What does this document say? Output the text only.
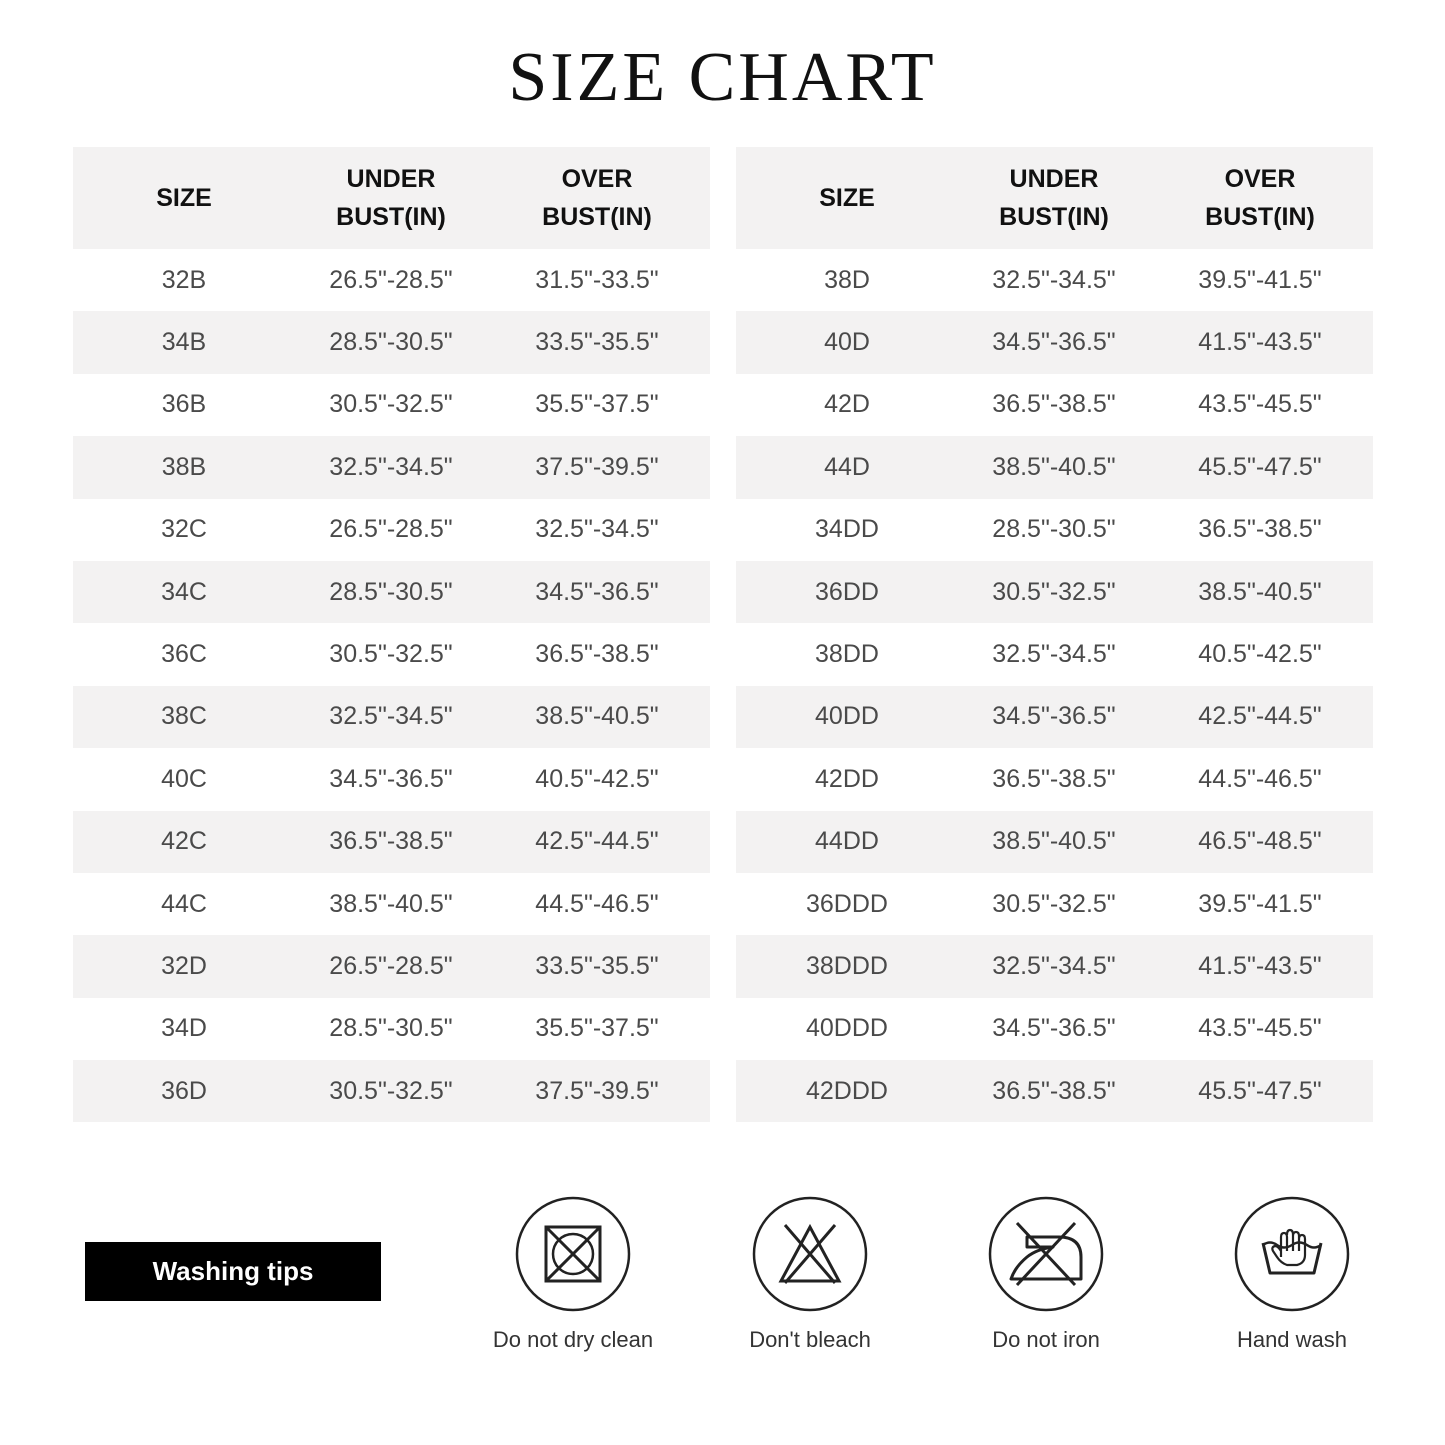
SIZE CHART
SIZE
UNDER
BUST(IN)
OVER
BUST(IN)
32B	26.5"-28.5"	31.5"-33.5"
34B	28.5"-30.5"	33.5"-35.5"
36B	30.5"-32.5"	35.5"-37.5"
38B	32.5"-34.5"	37.5"-39.5"
32C	26.5"-28.5"	32.5"-34.5"
34C	28.5"-30.5"	34.5"-36.5"
36C	30.5"-32.5"	36.5"-38.5"
38C	32.5"-34.5"	38.5"-40.5"
40C	34.5"-36.5"	40.5"-42.5"
42C	36.5"-38.5"	42.5"-44.5"
44C	38.5"-40.5"	44.5"-46.5"
32D	26.5"-28.5"	33.5"-35.5"
34D	28.5"-30.5"	35.5"-37.5"
36D	30.5"-32.5"	37.5"-39.5"
SIZE
UNDER
BUST(IN)
OVER
BUST(IN)
38D	32.5"-34.5"	39.5"-41.5"
40D	34.5"-36.5"	41.5"-43.5"
42D	36.5"-38.5"	43.5"-45.5"
44D	38.5"-40.5"	45.5"-47.5"
34DD	28.5"-30.5"	36.5"-38.5"
36DD	30.5"-32.5"	38.5"-40.5"
38DD	32.5"-34.5"	40.5"-42.5"
40DD	34.5"-36.5"	42.5"-44.5"
42DD	36.5"-38.5"	44.5"-46.5"
44DD	38.5"-40.5"	46.5"-48.5"
36DDD	30.5"-32.5"	39.5"-41.5"
38DDD	32.5"-34.5"	41.5"-43.5"
40DDD	34.5"-36.5"	43.5"-45.5"
42DDD	36.5"-38.5"	45.5"-47.5"
Washing tips
Do not dry clean	Don't bleach	Do not iron	Hand wash
